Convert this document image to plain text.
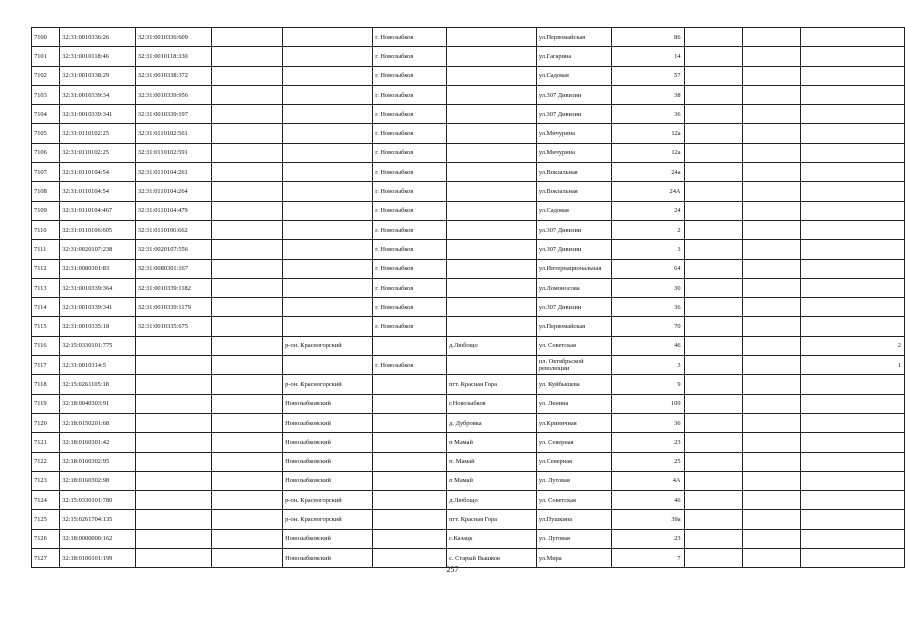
7100	32:31:0010336:26	32:31:0010336:609			г. Новозыбков		ул.Первомайская	86			
7101	32:31:0010118:46	32:31:0010118:330			г. Новозыбков		ул.Гагарина	14			
7102	32:31:0010338:29	32:31:0010338:372			г. Новозыбков		ул.Садовая	57			
7103	32:31:0010339:34	32:31:0010339:956			г. Новозыбков		ул.307 Дивизии	38			
7104	32:31:0010339:341	32:31:0010339:197			г. Новозыбков		ул.307 Дивизии	36			
7105	32:31:0110102:25	32:31:0110102:561			г. Новозыбков		ул.Мичурина	12а			
7106	32:31:0110102:25	32:31:0110102:591			г. Новозыбков		ул.Мичурина	12а			
7107	32:31:0110104:54	32:31:0110104:261			г. Новозыбков		ул.Вокзальная	24а			
7108	32:31:0110104:54	32:31:0110104:264			г. Новозыбков		ул.Вокзальная	24А			
7109	32:31:0110104:467	32:31:0110104:479			г. Новозыбков		ул.Садовая	24			
7110	32:31:0110106:605	32:31:0110106:662			г. Новозыбков		ул.307 Дивизии	2			
7111	32:31:0020107:238	32:31:0020107:556			г. Новозыбков		ул.307 Дивизии	3			
7112	32:31:0080301:83	32:31:0080301:167			г. Новозыбков		ул.Интернациональная	64			
7113	32:31:0010339:364	32:31:0010339:1182			г. Новозыбков		ул.Ломоносова	30			
7114	32:31:0010339:341	32:31:0010339:1179			г. Новозыбков		ул.307 Дивизии	36			
7115	32:31:0010335:18	32:31:0010335:675			г. Новозыбков		ул.Первомайская	70			
7116	32:15:0330101:775			р-он. Красногорский		д.Любощо	ул. Советская	46			2
7117	32:31:0010314:5				г. Новозыбков		пл. Октябрьской революции	3			1
7118	32:15:0261105:18			р-он. Красногорский		пгт. Красная Гора	ул. Куйбышева	9			
7119	32:18:0040303:91			Новозыбковский		г.Новозыбков	ул. Ленина	109			
7120	32:18:0150201:68			Новозыбковский		д. Дубровка	ул.Криничная	36			
7121	32:18:0160301:42			Новозыбковский		п Мамай	ул. Северная	23			
7122	32:18:0160302:95			Новозыбковский		п. Мамай	ул.Северная	25			
7123	32:18:0160302:98			Новозыбковский		п Мамай	ул. Луговая	4А			
7124	32:15:0330101:780			р-он. Красногорский		д.Любощо	ул. Советская	46			
7125	32:15:0261704:135			р-он. Красногорский		пгт. Красная Гора	ул.Пушкина	39а			
7126	32:18:0000000:162			Новозыбковский		с.Казацк	ул. Луговая	23			
7127	32:18:0100101:199			Новозыбковский		с. Старый Вышков	ул.Мира	7			
257
